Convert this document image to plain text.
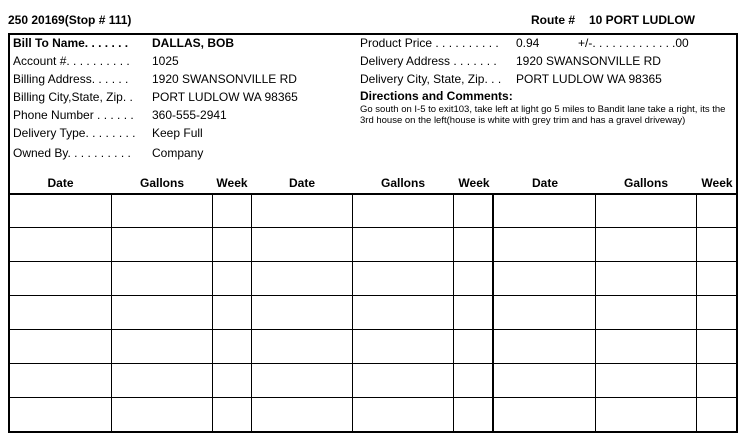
250 20169(Stop # 111)	Route # 10 PORT LUDLOW
Bill To Name. . . . . . . DALLAS, BOB
Account #. . . . . . . . . . 1025
Billing Address. . . . . . 1920 SWANSONVILLE RD
Billing City,State, Zip. . PORT LUDLOW WA 98365
Phone Number . . . . . . 360-555-2941
Delivery Type. . . . . . . . Keep Full
Owned By. . . . . . . . . . Company
Product Price . . . . . . . . . . 0.94	+/-. . . . . . . . . . . . .00
Delivery Address . . . . . . . 1920 SWANSONVILLE RD
Delivery City, State, Zip. . . PORT LUDLOW WA 98365
Directions and Comments:
Go south on I-5 to exit103, take left at light go 5 miles to Bandit lane take a right, its the 3rd house on the left(house is white with grey trim and has a gravel driveway)
Date	Gallons	Week	Date	Gallons	Week	Date	Gallons	Week
